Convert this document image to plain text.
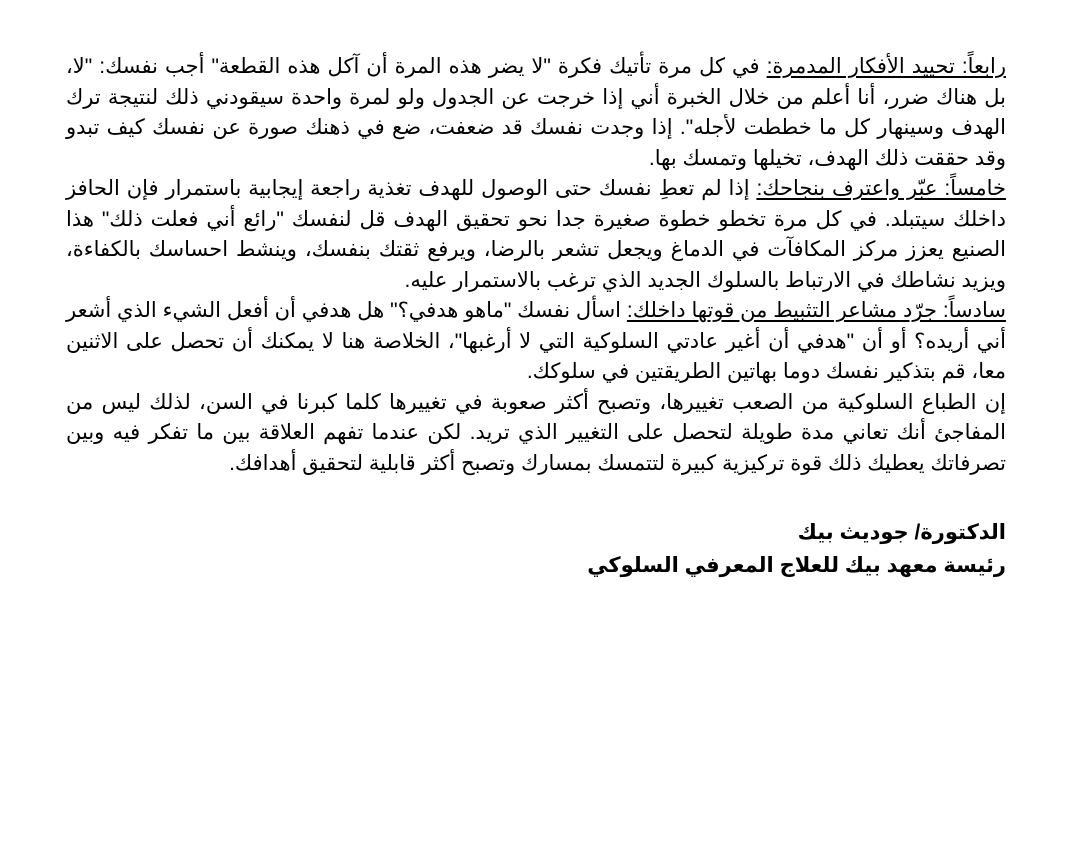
رابعاً: تحييد الأفكار المدمرة: في كل مرة تأتيك فكرة "لا يضر هذه المرة أن آكل هذه القطعة" أجب نفسك: "لا، بل هناك ضرر، أنا أعلم من خلال الخبرة أني إذا خرجت عن الجدول ولو لمرة واحدة سيقودني ذلك لنتيجة ترك الهدف وسينهار كل ما خططت لأجله". إذا وجدت نفسك قد ضعفت، ضع في ذهنك صورة عن نفسك كيف تبدو وقد حققت ذلك الهدف، تخيلها وتمسك بها.

خامساً: عبّر واعترف بنجاحك: إذا لم تعطِ نفسك حتى الوصول للهدف تغذية راجعة إيجابية باستمرار فإن الحافز داخلك سيتبلد. في كل مرة تخطو خطوة صغيرة جدا نحو تحقيق الهدف قل لنفسك "رائع أني فعلت ذلك" هذا الصنيع يعزز مركز المكافآت في الدماغ ويجعل تشعر بالرضا، ويرفع ثقتك بنفسك، وينشط احساسك بالكفاءة، ويزيد نشاطك في الارتباط بالسلوك الجديد الذي ترغب بالاستمرار عليه.

سادساً: جرّد مشاعر التثبيط من قوتها داخلك: اسأل نفسك "ماهو هدفي؟" هل هدفي أن أفعل الشيء الذي أشعر أني أريده؟ أو أن "هدفي أن أغير عادتي السلوكية التي لا أرغبها"، الخلاصة هنا لا يمكنك أن تحصل على الاثنين معا، قم بتذكير نفسك دوما بهاتين الطريقتين في سلوكك.

إن الطباع السلوكية من الصعب تغييرها، وتصبح أكثر صعوبة في تغييرها كلما كبرنا في السن، لذلك ليس من المفاجئ أنك تعاني مدة طويلة لتحصل على التغيير الذي تريد. لكن عندما تفهم العلاقة بين ما تفكر فيه وبين تصرفاتك يعطيك ذلك قوة تركيزية كبيرة لتتمسك بمسارك وتصبح أكثر قابلية لتحقيق أهدافك.

الدكتورة/ جوديث بيك

رئيسة معهد بيك للعلاج المعرفي السلوكي
